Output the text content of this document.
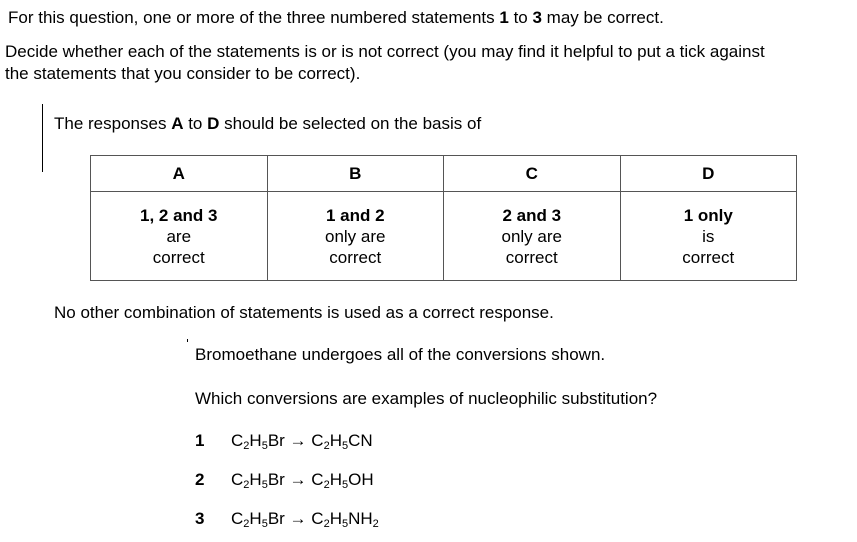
For this question, one or more of the three numbered statements 1 to 3 may be correct.
Decide whether each of the statements is or is not correct (you may find it helpful to put a tick against
the statements that you consider to be correct).
The responses A to D should be selected on the basis of
A	B	C	D
1, 2 and 3
are
correct	1 and 2
only are
correct	2 and 3
only are
correct	1 only
is
correct
No other combination of statements is used as a correct response.
Bromoethane undergoes all of the conversions shown.
Which conversions are examples of nucleophilic substitution?
1 $C_2H_5Br \to C_2H_5CN$
2 $C_2H_5Br \to C_2H_5OH$
3 $C_2H_5Br \to C_2H_5NH_2$
